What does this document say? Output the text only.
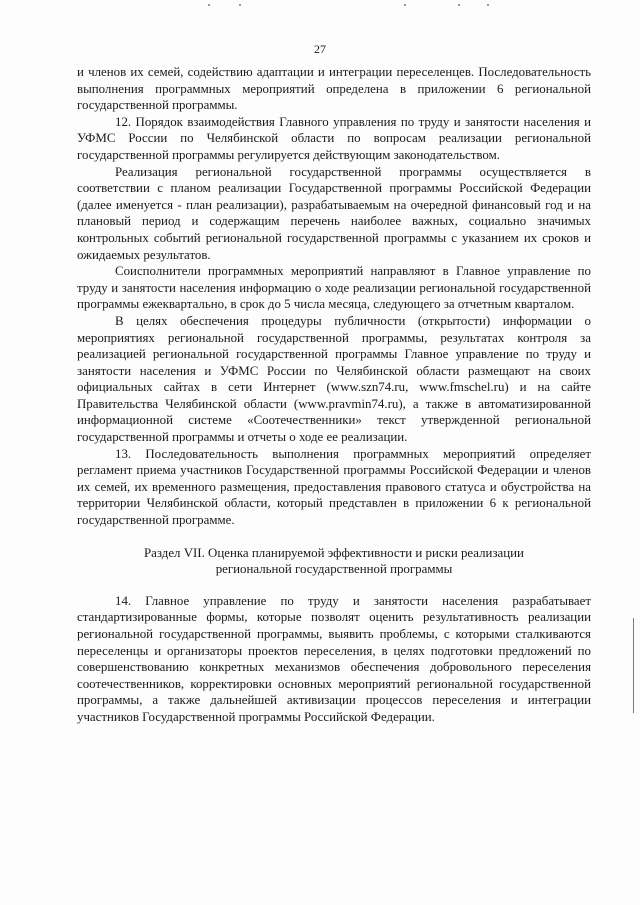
27

и членов их семей, содействию адаптации и интеграции переселенцев. Последовательность выполнения программных мероприятий определена в приложении 6 региональной государственной программы.

12. Порядок взаимодействия Главного управления по труду и занятости населения и УФМС России по Челябинской области по вопросам реализации региональной государственной программы регулируется действующим законодательством.

Реализация региональной государственной программы осуществляется в соответствии с планом реализации Государственной программы Российской Федерации (далее именуется - план реализации), разрабатываемым на очередной финансовый год и на плановый период и содержащим перечень наиболее важных, социально значимых контрольных событий региональной государственной программы с указанием их сроков и ожидаемых результатов.

Соисполнители программных мероприятий направляют в Главное управление по труду и занятости населения информацию о ходе реализации региональной государственной программы ежеквартально, в срок до 5 числа месяца, следующего за отчетным кварталом.

В целях обеспечения процедуры публичности (открытости) информации о мероприятиях региональной государственной программы, результатах контроля за реализацией региональной государственной программы Главное управление по труду и занятости населения и УФМС России по Челябинской области размещают на своих официальных сайтах в сети Интернет (www.szn74.ru, www.fmschel.ru) и на сайте Правительства Челябинской области (www.pravmin74.ru), а также в автоматизированной информационной системе «Соотечественники» текст утвержденной региональной государственной программы и отчеты о ходе ее реализации.

13. Последовательность выполнения программных мероприятий определяет регламент приема участников Государственной программы Российской Федерации и членов их семей, их временного размещения, предоставления правового статуса и обустройства на территории Челябинской области, который представлен в приложении 6 к региональной государственной программе.

Раздел VII. Оценка планируемой эффективности и риски реализации
региональной государственной программы

14. Главное управление по труду и занятости населения разрабатывает стандартизированные формы, которые позволят оценить результативность реализации региональной государственной программы, выявить проблемы, с которыми сталкиваются переселенцы и организаторы проектов переселения, в целях подготовки предложений по совершенствованию конкретных механизмов обеспечения добровольного переселения соотечественников, корректировки основных мероприятий региональной государственной программы, а также дальнейшей активизации процессов переселения и интеграции участников Государственной программы Российской Федерации.
